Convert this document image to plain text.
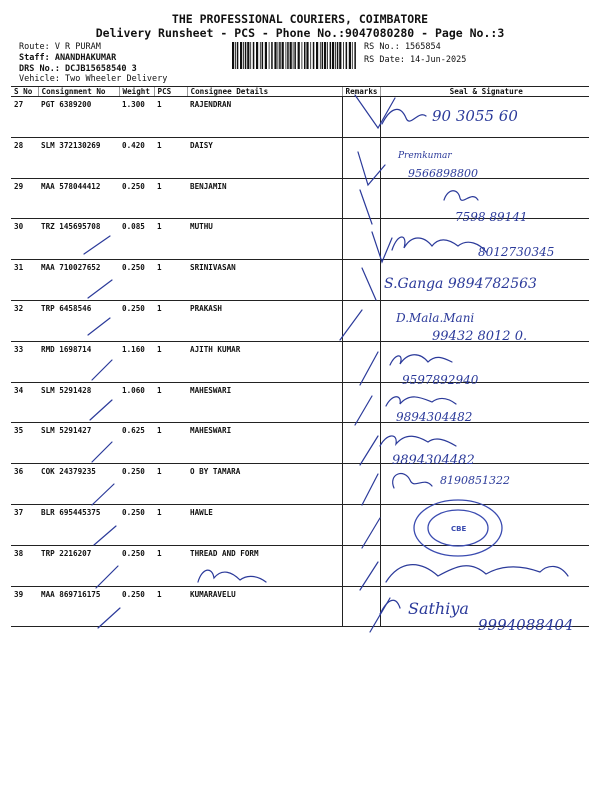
THE PROFESSIONAL COURIERS, COIMBATORE
Delivery Runsheet - PCS - Phone No.:9047080280 - Page No.:3
Route: V R PURAM
Staff: ANANDHAKUMAR
DRS No.: DCJB15658540 3
Vehicle: Two Wheeler Delivery
RS No.: 1565854
RS Date: 14-Jun-2025
S No	Consignment No	Weight	PCS	Consignee Details	Remarks	Seal & Signature
27	PGT 6389200	1.300	1	RAJENDRAN		
28	SLM 372130269	0.420	1	DAISY		
29	MAA 578044412	0.250	1	BENJAMIN		
30	TRZ 145695708	0.085	1	MUTHU		
31	MAA 710027652	0.250	1	SRINIVASAN		
32	TRP 6458546	0.250	1	PRAKASH		
33	RMD 1698714	1.160	1	AJITH KUMAR		
34	SLM 5291428	1.060	1	MAHESWARI		
35	SLM 5291427	0.625	1	MAHESWARI		
36	COK 24379235	0.250	1	O BY TAMARA		
37	BLR 695445375	0.250	1	HAWLE		
38	TRP 2216207	0.250	1	THREAD AND FORM		
39	MAA 869716175	0.250	1	KUMARAVELU		
90 3055 60
Premkumar
9566898800
7598 89141
8012730345
S.Ganga 9894782563
D.Mala.Mani
99432 8012 0.
9597892940
9894304482
9894304482
8190851322
CBE
Sathiya
9994088404
